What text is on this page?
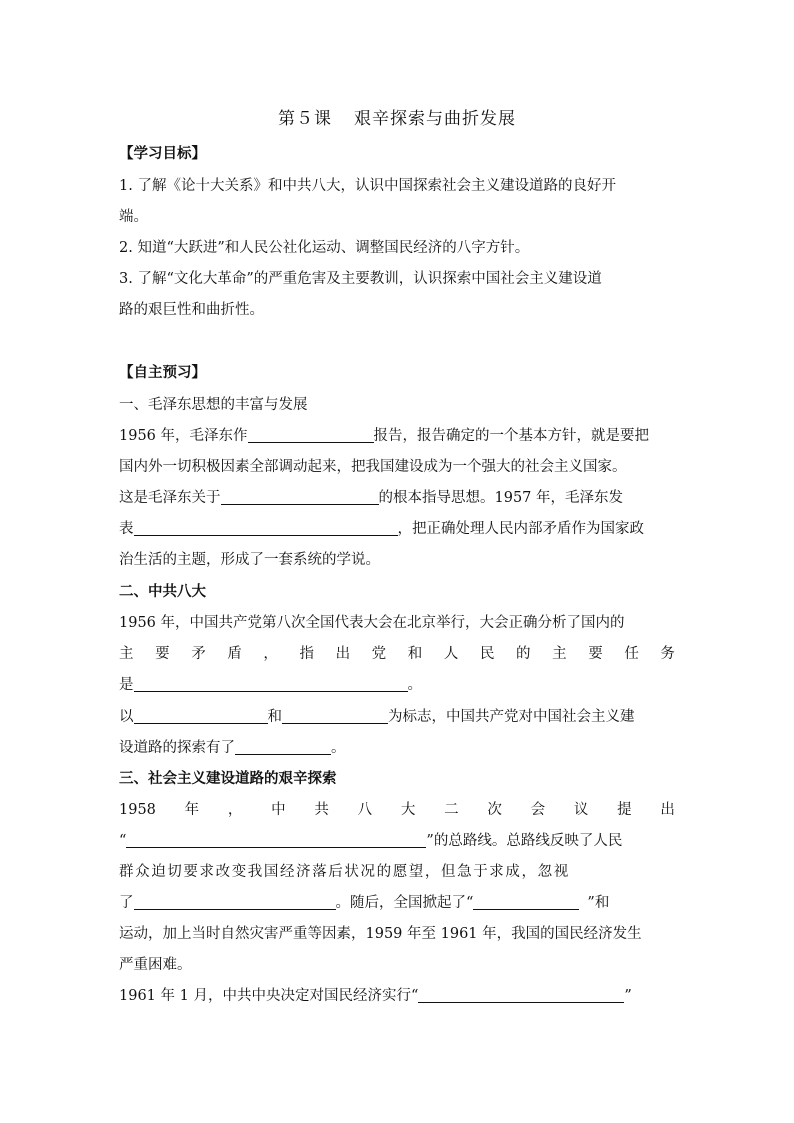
第５课 艰辛探索与曲折发展
【学习目标】
1. 了解《论十大关系》和中共八大，认识中国探索社会主义建设道路的良好开
端。
2. 知道“大跃进”和人民公社化运动、调整国民经济的八字方针。
3. 了解“文化大革命”的严重危害及主要教训，认识探索中国社会主义建设道
路的艰巨性和曲折性。
【自主预习】
一、毛泽东思想的丰富与发展
1956 年，毛泽东作	报告，报告确定的一个基本方针，就是要把
国内外一切积极因素全部调动起来，把我国建设成为一个强大的社会主义国家。
这是毛泽东关于	的根本指导思想。1957 年，毛泽东发
表	，把正确处理人民内部矛盾作为国家政
治生活的主题，形成了一套系统的学说。
二、中共八大
1956 年，中国共产党第八次全国代表大会在北京举行，大会正确分析了国内的
主 要 矛 盾 ， 指 出 党 和 人 民 的 主 要 任 务
是	。
以	和	为标志，中国共产党对中国社会主义建
设道路的探索有了	。
三、社会主义建设道路的艰辛探索
1958 年 ， 中 共 八 大 二 次 会 议 提 出
“	”的总路线。总路线反映了人民
群众迫切要求改变我国经济落后状况的愿望，但急于求成，忽视
了	。随后，全国掀起了“	”和
运动，加上当时自然灾害严重等因素，1959 年至 1961 年，我国的国民经济发生
严重困难。
1961 年 1 月，中共中央决定对国民经济实行“	”
